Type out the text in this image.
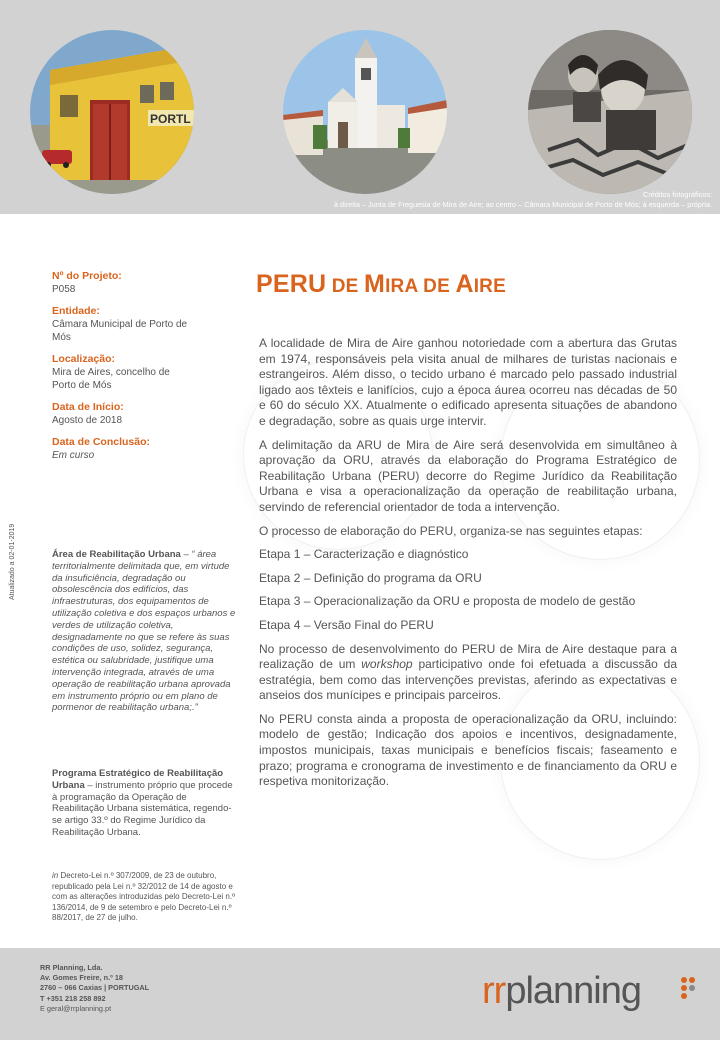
PORTL
Créditos fotográficos:
à direita – Junta de Freguesia de Mira de Aire; ao centro – Câmara Municipal de Porto de Mós; à esquerda – própria.
Nº do Projeto:
P058
Entidade:
Câmara Municipal de Porto de
Mós
Localização:
Mira de Aires, concelho de
Porto de Mós
Data de Início:
Agosto de 2018
Data de Conclusão:
Em curso
Atualizado a 02-01-2019	Área de Reabilitação Urbana – “ área territorialmente delimitada que, em virtude da insuficiência, degradação ou obsolescência dos edifícios, das infraestruturas, dos equipamentos de utilização coletiva e dos espaços urbanos e verdes de utilização coletiva, designadamente no que se refere às suas condições de uso, solidez, segurança, estética ou salubridade, justifique uma intervenção integrada, através de uma operação de reabilitação urbana aprovada em instrumento próprio ou em plano de pormenor de reabilitação urbana;.”
Programa Estratégico de Reabilitação Urbana – instrumento próprio que procede à programação da Operação de Reabilitação Urbana sistemática, regendo-se artigo 33.º do Regime Jurídico da Reabilitação Urbana.
in Decreto-Lei n.º 307/2009, de 23 de outubro, republicado pela Lei n.º 32/2012 de 14 de agosto e com as alterações introduzidas pelo Decreto-Lei n.º 136/2014, de 9 de setembro e pelo Decreto-Lei n.º 88/2017, de 27 de julho.
PERU DE MIRA DE AIRE

A localidade de Mira de Aire ganhou notoriedade com a abertura das Grutas em 1974, responsáveis pela visita anual de milhares de turistas nacionais e estrangeiros. Além disso, o tecido urbano é marcado pelo passado industrial ligado aos têxteis e lanifícios, cujo a época áurea ocorreu nas décadas de 50 e 60 do século XX. Atualmente o edificado apresenta situações de abandono e degradação, sobre as quais urge intervir.

A delimitação da ARU de Mira de Aire será desenvolvida em simultâneo à aprovação da ORU, através da elaboração do Programa Estratégico de Reabilitação Urbana (PERU) decorre do Regime Jurídico da Reabilitação Urbana e visa a operacionalização da operação de reabilitação urbana, servindo de referencial orientador de toda a intervenção.

O processo de elaboração do PERU, organiza-se nas seguintes etapas:

Etapa 1 – Caracterização e diagnóstico

Etapa 2 – Definição do programa da ORU

Etapa 3 – Operacionalização da ORU e proposta de modelo de gestão

Etapa 4 – Versão Final do PERU

No processo de desenvolvimento do PERU de Mira de Aire destaque para a realização de um workshop participativo onde foi efetuada a discussão da estratégia, bem como das intervenções previstas, aferindo as expectativas e anseios dos munícipes e principais parceiros.

No PERU consta ainda a proposta de operacionalização da ORU, incluindo: modelo de gestão; Indicação dos apoios e incentivos, designadamente, impostos municipais, taxas municipais e benefícios fiscais; faseamento e prazo; programa e cronograma de investimento e de financiamento da ORU e respetiva monitorização.

RR Planning, Lda.
Av. Gomes Freire, n.º 18
2760 – 066 Caxias | PORTUGAL
T +351 218 258 892
E geral@rrplanning.pt	rrplanning
